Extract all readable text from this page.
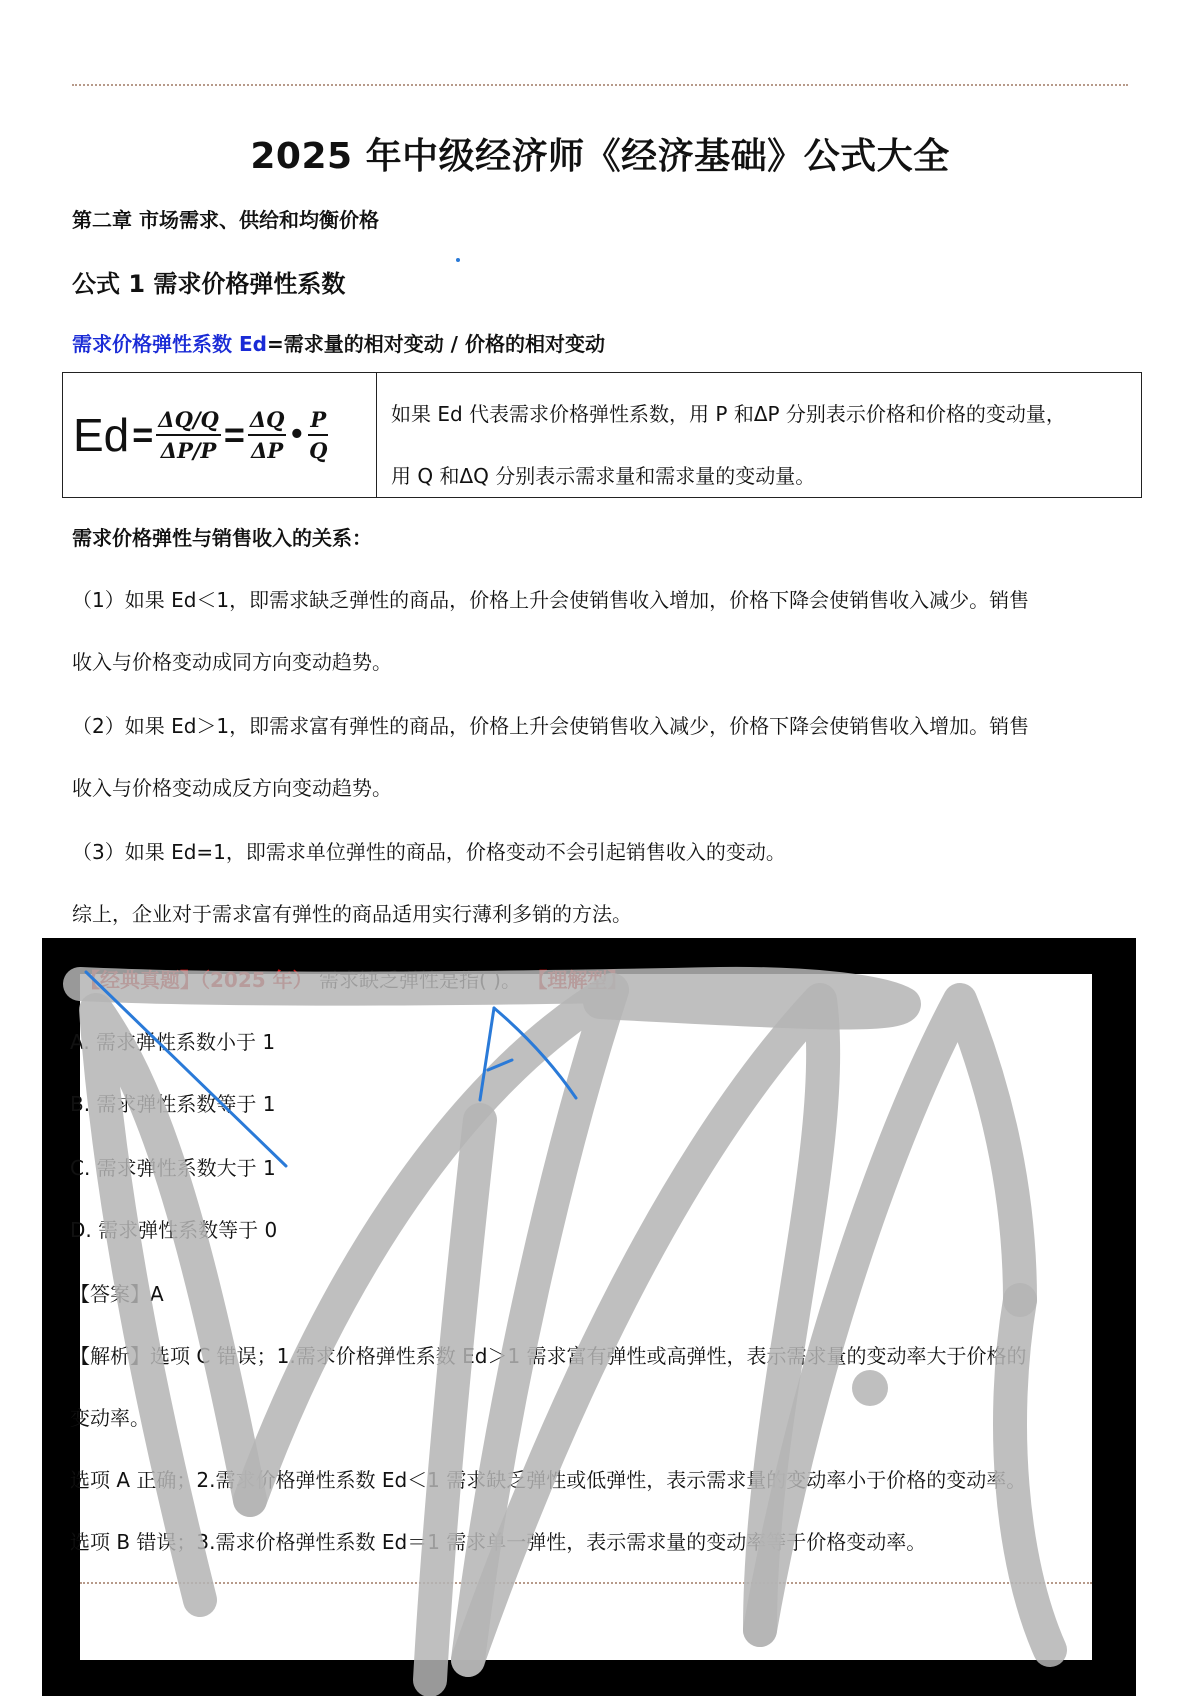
2025 年中级经济师《经济基础》公式大全
第二章 市场需求、供给和均衡价格
公式 1 需求价格弹性系数
需求价格弹性系数 Ed=需求量的相对变动 / 价格的相对变动
$Ed = \frac{\Delta Q/Q}{\Delta P/P} = \frac{\Delta Q}{\Delta P}$ • $\frac{P}{Q}$	如果 Ed 代表需求价格弹性系数，用 P 和ΔP 分别表示价格和价格的变动量，
用 Q 和ΔQ 分别表示需求量和需求量的变动量。
需求价格弹性与销售收入的关系：
（1）如果 Ed＜1，即需求缺乏弹性的商品，价格上升会使销售收入增加，价格下降会使销售收入减少。销售
收入与价格变动成同方向变动趋势。
（2）如果 Ed＞1，即需求富有弹性的商品，价格上升会使销售收入减少，价格下降会使销售收入增加。销售
收入与价格变动成反方向变动趋势。
（3）如果 Ed=1，即需求单位弹性的商品，价格变动不会引起销售收入的变动。
综上，企业对于需求富有弹性的商品适用实行薄利多销的方法。
【经典真题】（2025 年） 需求缺乏弹性是指( )。 【理解型】
A. 需求弹性系数小于 1
B. 需求弹性系数等于 1
C. 需求弹性系数大于 1
D. 需求弹性系数等于 0
【答案】A
【解析】选项 C 错误；1.需求价格弹性系数 Ed＞1 需求富有弹性或高弹性，表示需求量的变动率大于价格的
变动率。
选项 A 正确；2.需求价格弹性系数 Ed＜1 需求缺乏弹性或低弹性，表示需求量的变动率小于价格的变动率。
选项 B 错误；3.需求价格弹性系数 Ed＝1 需求单一弹性，表示需求量的变动率等于价格变动率。
